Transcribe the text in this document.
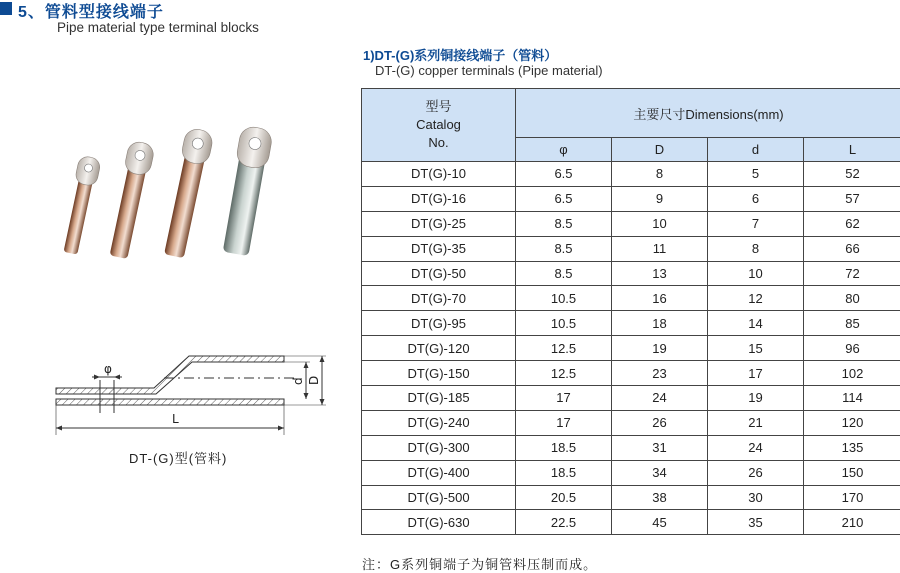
5、管料型接线端子
Pipe material type terminal blocks
1)DT-(G)系列铜接线端子（管料）
DT-(G) copper terminals (Pipe material)
φ
d D
L
DT-(G)型(管料)
型号
Catalog
No.	主要尺寸Dimensions(mm)			
	φ	D	d	L
DT(G)-10	6.5	8	5	52
DT(G)-16	6.5	9	6	57
DT(G)-25	8.5	10	7	62
DT(G)-35	8.5	11	8	66
DT(G)-50	8.5	13	10	72
DT(G)-70	10.5	16	12	80
DT(G)-95	10.5	18	14	85
DT(G)-120	12.5	19	15	96
DT(G)-150	12.5	23	17	102
DT(G)-185	17	24	19	114
DT(G)-240	17	26	21	120
DT(G)-300	18.5	31	24	135
DT(G)-400	18.5	34	26	150
DT(G)-500	20.5	38	30	170
DT(G)-630	22.5	45	35	210
注：G系列铜端子为铜管料压制而成。
